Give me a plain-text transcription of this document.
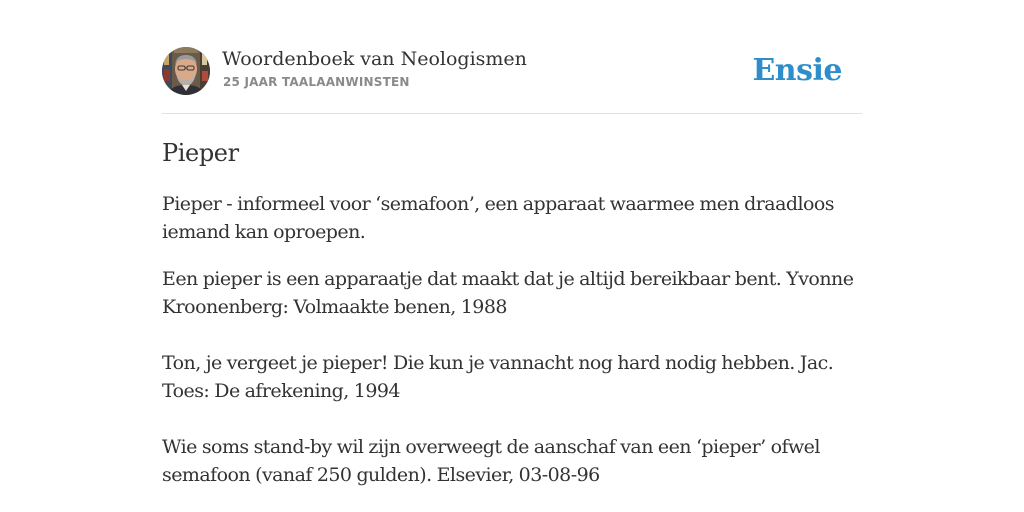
Woordenboek van Neologismen
25 JAAR TAALAANWINSTEN	Ensie
Pieper
Pieper - informeel voor ‘semafoon’, een apparaat waarmee men draadloos iemand kan oproepen.
Een pieper is een apparaatje dat maakt dat je altijd bereikbaar bent. Yvonne Kroonenberg: Volmaakte benen, 1988
Ton, je vergeet je pieper! Die kun je vannacht nog hard nodig hebben. Jac. Toes: De afrekening, 1994
Wie soms stand-by wil zijn overweegt de aanschaf van een ‘pieper’ ofwel semafoon (vanaf 250 gulden). Elsevier, 03-08-96
